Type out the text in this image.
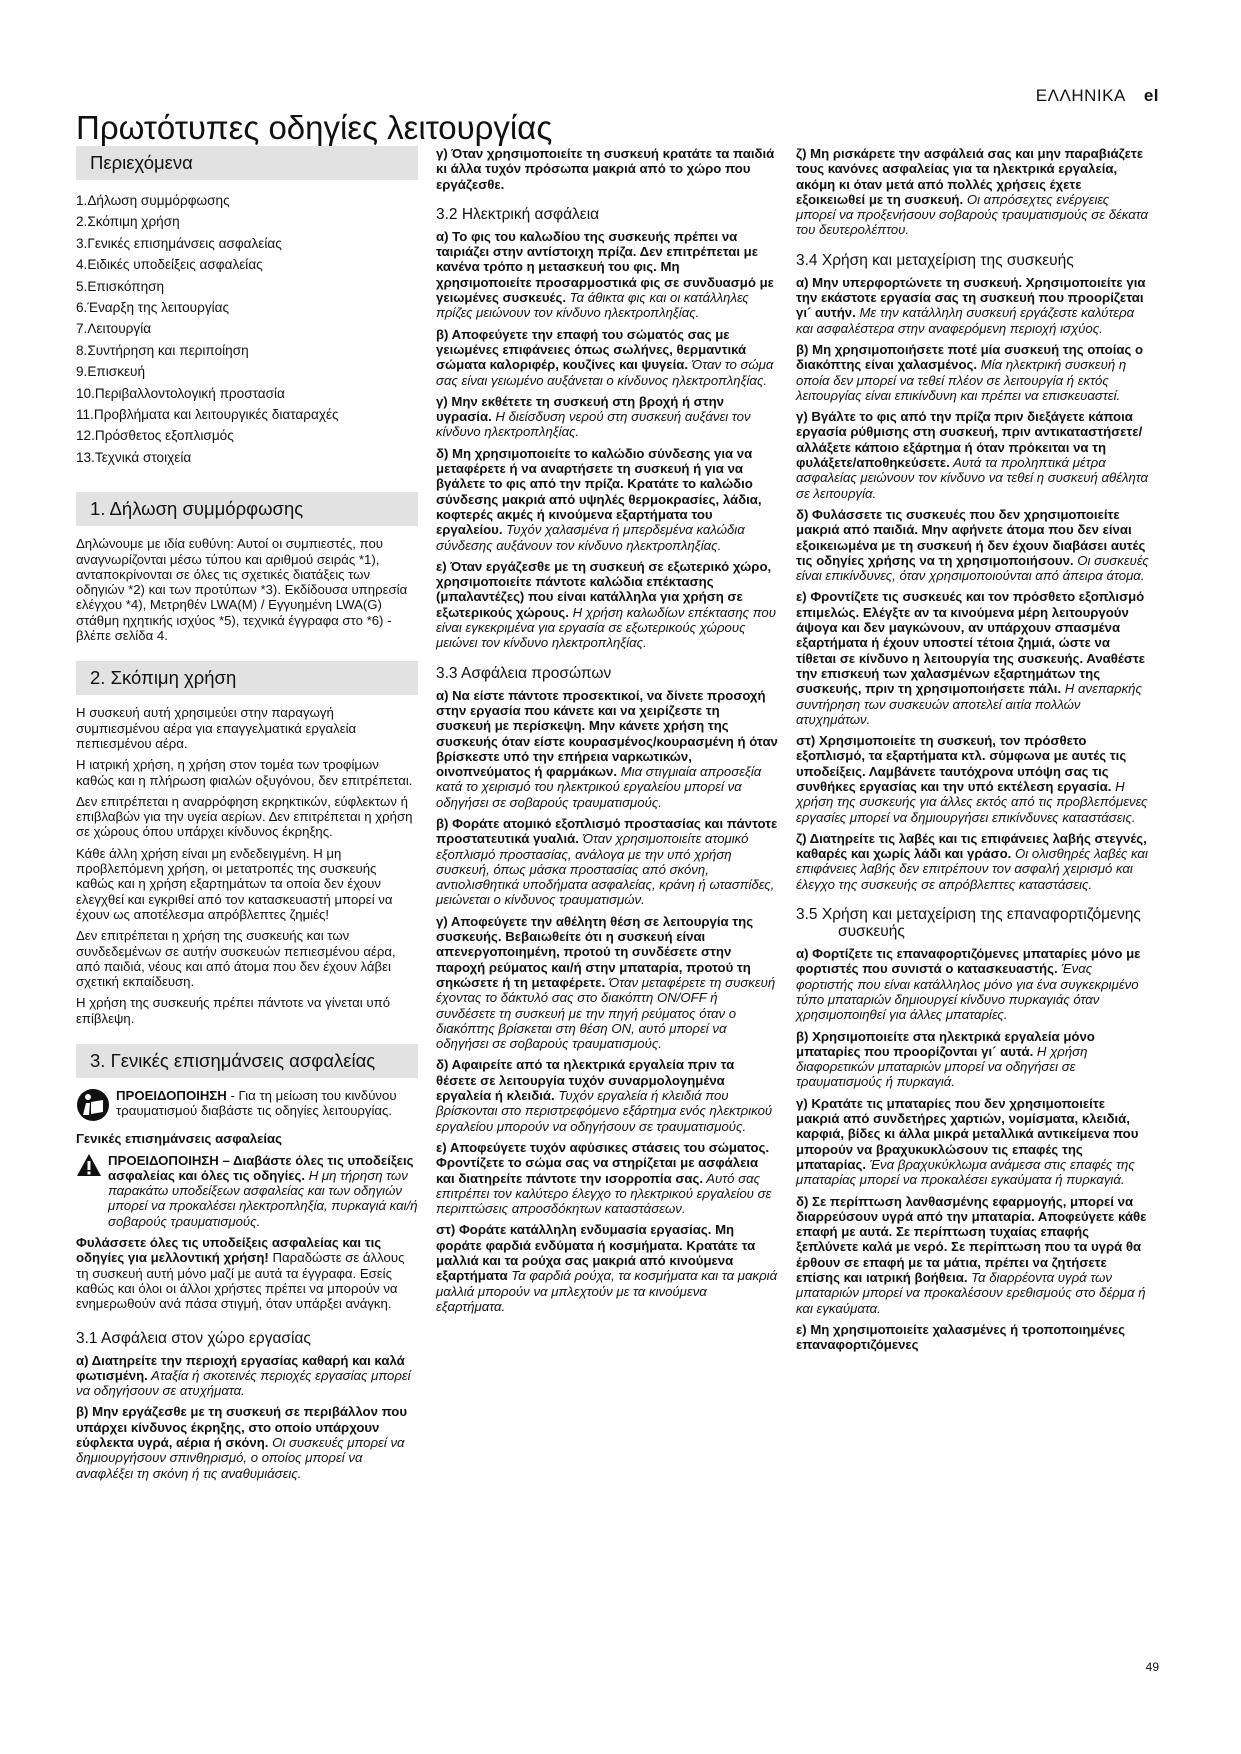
ΕΛΛΗΝΙΚΑ el
Πρωτότυπες οδηγίες λειτουργίας
Περιεχόμενα
1.Δήλωση συμμόρφωσης
2.Σκόπιμη χρήση
3.Γενικές επισημάνσεις ασφαλείας
4.Ειδικές υποδείξεις ασφαλείας
5.Επισκόπηση
6.Έναρξη της λειτουργίας
7.Λειτουργία
8.Συντήρηση και περιποίηση
9.Επισκευή
10.Περιβαλλοντολογική προστασία
11.Προβλήματα και λειτουργικές διαταραχές
12.Πρόσθετος εξοπλισμός
13.Τεχνικά στοιχεία
1. Δήλωση συμμόρφωσης

Δηλώνουμε με ιδία ευθύνη: Αυτοί οι συμπιεστές, που αναγνωρίζονται μέσω τύπου και αριθμού σειράς *1), ανταποκρίνονται σε όλες τις σχετικές διατάξεις των οδηγιών *2) και των προτύπων *3). Εκδίδουσα υπηρεσία ελέγχου *4), Μετρηθέν LWA(M) / Εγγυημένη LWA(G) στάθμη ηχητικής ισχύος *5), τεχνικά έγγραφα στο *6) - βλέπε σελίδα 4.

2. Σκόπιμη χρήση

Η συσκευή αυτή χρησιμεύει στην παραγωγή συμπιεσμένου αέρα για επαγγελματικά εργαλεία πεπιεσμένου αέρα.

Η ιατρική χρήση, η χρήση στον τομέα των τροφίμων καθώς και η πλήρωση φιαλών οξυγόνου, δεν επιτρέπεται.

Δεν επιτρέπεται η αναρρόφηση εκρηκτικών, εύφλεκτων ή επιβλαβών για την υγεία αερίων. Δεν επιτρέπεται η χρήση σε χώρους όπου υπάρχει κίνδυνος έκρηξης.

Κάθε άλλη χρήση είναι μη ενδεδειγμένη. Η μη προβλεπόμενη χρήση, οι μετατροπές της συσκευής καθώς και η χρήση εξαρτημάτων τα οποία δεν έχουν ελεγχθεί και εγκριθεί από τον κατασκευαστή μπορεί να έχουν ως αποτέλεσμα απρόβλεπτες ζημιές!

Δεν επιτρέπεται η χρήση της συσκευής και των συνδεδεμένων σε αυτήν συσκευών πεπιεσμένου αέρα, από παιδιά, νέους και από άτομα που δεν έχουν λάβει σχετική εκπαίδευση.

Η χρήση της συσκευής πρέπει πάντοτε να γίνεται υπό επίβλεψη.

3. Γενικές επισημάνσεις ασφαλείας
ΠΡΟΕΙΔΟΠΟΙΗΣΗ - Για τη μείωση του κινδύνου τραυματισμού διαβάστε τις οδηγίες λειτουργίας.

Γενικές επισημάνσεις ασφαλείας

ΠΡΟΕΙΔΟΠΟΙΗΣΗ – Διαβάστε όλες τις υποδείξεις ασφαλείας και όλες τις οδηγίες. Η μη τήρηση των παρακάτω υποδείξεων ασφαλείας και των οδηγιών μπορεί να προκαλέσει ηλεκτροπληξία, πυρκαγιά και/ή σοβαρούς τραυματισμούς.

Φυλάσσετε όλες τις υποδείξεις ασφαλείας και τις οδηγίες για μελλοντική χρήση! Παραδώστε σε άλλους τη συσκευή αυτή μόνο μαζί με αυτά τα έγγραφα. Εσείς καθώς και όλοι οι άλλοι χρήστες πρέπει να μπορούν να ενημερωθούν ανά πάσα στιγμή, όταν υπάρξει ανάγκη.

3.1 Ασφάλεια στον χώρο εργασίας

α) Διατηρείτε την περιοχή εργασίας καθαρή και καλά φωτισμένη. Αταξία ή σκοτεινές περιοχές εργασίας μπορεί να οδηγήσουν σε ατυχήματα.

β) Μην εργάζεσθε με τη συσκευή σε περιβάλλον που υπάρχει κίνδυνος έκρηξης, στο οποίο υπάρχουν εύφλεκτα υγρά, αέρια ή σκόνη. Οι συσκευές μπορεί να δημιουργήσουν σπινθηρισμό, ο οποίος μπορεί να αναφλέξει τη σκόνη ή τις αναθυμιάσεις.

γ) Όταν χρησιμοποιείτε τη συσκευή κρατάτε τα παιδιά κι άλλα τυχόν πρόσωπα μακριά από το χώρο που εργάζεσθε.

3.2 Ηλεκτρική ασφάλεια

α) Το φις του καλωδίου της συσκευής πρέπει να ταιριάζει στην αντίστοιχη πρίζα. Δεν επιτρέπεται με κανένα τρόπο η μετασκευή του φις. Μη χρησιμοποιείτε προσαρμοστικά φις σε συνδυασμό με γειωμένες συσκευές. Τα άθικτα φις και οι κατάλληλες πρίζες μειώνουν τον κίνδυνο ηλεκτροπληξίας.

β) Αποφεύγετε την επαφή του σώματός σας με γειωμένες επιφάνειες όπως σωλήνες, θερμαντικά σώματα καλοριφέρ, κουζίνες και ψυγεία. Όταν το σώμα σας είναι γειωμένο αυξάνεται ο κίνδυνος ηλεκτροπληξίας.

γ) Μην εκθέτετε τη συσκευή στη βροχή ή στην υγρασία. Η διείσδυση νερού στη συσκευή αυξάνει τον κίνδυνο ηλεκτροπληξίας.

δ) Μη χρησιμοποιείτε το καλώδιο σύνδεσης για να μεταφέρετε ή να αναρτήσετε τη συσκευή ή για να βγάλετε το φις από την πρίζα. Κρατάτε το καλώδιο σύνδεσης μακριά από υψηλές θερμοκρασίες, λάδια, κοφτερές ακμές ή κινούμενα εξαρτήματα του εργαλείου. Τυχόν χαλασμένα ή μπερδεμένα καλώδια σύνδεσης αυξάνουν τον κίνδυνο ηλεκτροπληξίας.

ε) Όταν εργάζεσθε με τη συσκευή σε εξωτερικό χώρο, χρησιμοποιείτε πάντοτε καλώδια επέκτασης (μπαλαντέζες) που είναι κατάλληλα για χρήση σε εξωτερικούς χώρους. Η χρήση καλωδίων επέκτασης που είναι εγκεκριμένα για εργασία σε εξωτερικούς χώρους μειώνει τον κίνδυνο ηλεκτροπληξίας.

3.3 Ασφάλεια προσώπων

α) Να είστε πάντοτε προσεκτικοί, να δίνετε προσοχή στην εργασία που κάνετε και να χειρίζεστε τη συσκευή με περίσκεψη. Μην κάνετε χρήση της συσκευής όταν είστε κουρασμένος/κουρασμένη ή όταν βρίσκεστε υπό την επήρεια ναρκωτικών, οινοπνεύματος ή φαρμάκων. Μια στιγμιαία απροσεξία κατά το χειρισμό του ηλεκτρικού εργαλείου μπορεί να οδηγήσει σε σοβαρούς τραυματισμούς.

β) Φοράτε ατομικό εξοπλισμό προστασίας και πάντοτε προστατευτικά γυαλιά. Όταν χρησιμοποιείτε ατομικό εξοπλισμό προστασίας, ανάλογα με την υπό χρήση συσκευή, όπως μάσκα προστασίας από σκόνη, αντιολισθητικά υποδήματα ασφαλείας, κράνη ή ωτασπίδες, μειώνεται ο κίνδυνος τραυματισμών.

γ) Αποφεύγετε την αθέλητη θέση σε λειτουργία της συσκευής. Βεβαιωθείτε ότι η συσκευή είναι απενεργοποιημένη, προτού τη συνδέσετε στην παροχή ρεύματος και/ή στην μπαταρία, προτού τη σηκώσετε ή τη μεταφέρετε. Όταν μεταφέρετε τη συσκευή έχοντας το δάκτυλό σας στο διακόπτη ON/OFF ή συνδέσετε τη συσκευή με την πηγή ρεύματος όταν ο διακόπτης βρίσκεται στη θέση ON, αυτό μπορεί να οδηγήσει σε σοβαρούς τραυματισμούς.

δ) Αφαιρείτε από τα ηλεκτρικά εργαλεία πριν τα θέσετε σε λειτουργία τυχόν συναρμολογημένα εργαλεία ή κλειδιά. Τυχόν εργαλεία ή κλειδιά που βρίσκονται στο περιστρεφόμενο εξάρτημα ενός ηλεκτρικού εργαλείου μπορούν να οδηγήσουν σε τραυματισμούς.

ε) Αποφεύγετε τυχόν αφύσικες στάσεις του σώματος. Φροντίζετε το σώμα σας να στηρίζεται με ασφάλεια και διατηρείτε πάντοτε την ισορροπία σας. Αυτό σας επιτρέπει τον καλύτερο έλεγχο το ηλεκτρικού εργαλείου σε περιπτώσεις απροσδόκητων καταστάσεων.

στ) Φοράτε κατάλληλη ενδυμασία εργασίας. Μη φοράτε φαρδιά ενδύματα ή κοσμήματα. Κρατάτε τα μαλλιά και τα ρούχα σας μακριά από κινούμενα εξαρτήματα Τα φαρδιά ρούχα, τα κοσμήματα και τα μακριά μαλλιά μπορούν να μπλεχτούν με τα κινούμενα εξαρτήματα.

ζ) Μη ρισκάρετε την ασφάλειά σας και μην παραβιάζετε τους κανόνες ασφαλείας για τα ηλεκτρικά εργαλεία, ακόμη κι όταν μετά από πολλές χρήσεις έχετε εξοικειωθεί με τη συσκευή. Οι απρόσεχτες ενέργειες μπορεί να προξενήσουν σοβαρούς τραυματισμούς σε δέκατα του δευτερολέπτου.

3.4 Χρήση και μεταχείριση της συσκευής

α) Μην υπερφορτώνετε τη συσκευή. Χρησιμοποιείτε για την εκάστοτε εργασία σας τη συσκευή που προορίζεται γι´ αυτήν. Με την κατάλληλη συσκευή εργάζεστε καλύτερα και ασφαλέστερα στην αναφερόμενη περιοχή ισχύος.

β) Μη χρησιμοποιήσετε ποτέ μία συσκευή της οποίας ο διακόπτης είναι χαλασμένος. Μία ηλεκτρική συσκευή η οποία δεν μπορεί να τεθεί πλέον σε λειτουργία ή εκτός λειτουργίας είναι επικίνδυνη και πρέπει να επισκευαστεί.

γ) Βγάλτε το φις από την πρίζα πριν διεξάγετε κάποια εργασία ρύθμισης στη συσκευή, πριν αντικαταστήσετε/αλλάξετε κάποιο εξάρτημα ή όταν πρόκειται να τη φυλάξετε/αποθηκεύσετε. Αυτά τα προληπτικά μέτρα ασφαλείας μειώνουν τον κίνδυνο να τεθεί η συσκευή αθέλητα σε λειτουργία.

δ) Φυλάσσετε τις συσκευές που δεν χρησιμοποιείτε μακριά από παιδιά. Μην αφήνετε άτομα που δεν είναι εξοικειωμένα με τη συσκευή ή δεν έχουν διαβάσει αυτές τις οδηγίες χρήσης να τη χρησιμοποιήσουν. Οι συσκευές είναι επικίνδυνες, όταν χρησιμοποιούνται από άπειρα άτομα.

ε) Φροντίζετε τις συσκευές και τον πρόσθετο εξοπλισμό επιμελώς. Ελέγξτε αν τα κινούμενα μέρη λειτουργούν άψογα και δεν μαγκώνουν, αν υπάρχουν σπασμένα εξαρτήματα ή έχουν υποστεί τέτοια ζημιά, ώστε να τίθεται σε κίνδυνο η λειτουργία της συσκευής. Αναθέστε την επισκευή των χαλασμένων εξαρτημάτων της συσκευής, πριν τη χρησιμοποιήσετε πάλι. Η ανεπαρκής συντήρηση των συσκευών αποτελεί αιτία πολλών ατυχημάτων.

στ) Χρησιμοποιείτε τη συσκευή, τον πρόσθετο εξοπλισμό, τα εξαρτήματα κτλ. σύμφωνα με αυτές τις υποδείξεις. Λαμβάνετε ταυτόχρονα υπόψη σας τις συνθήκες εργασίας και την υπό εκτέλεση εργασία. Η χρήση της συσκευής για άλλες εκτός από τις προβλεπόμενες εργασίες μπορεί να δημιουργήσει επικίνδυνες καταστάσεις.

ζ) Διατηρείτε τις λαβές και τις επιφάνειες λαβής στεγνές, καθαρές και χωρίς λάδι και γράσο. Οι ολισθηρές λαβές και επιφάνειες λαβής δεν επιτρέπουν τον ασφαλή χειρισμό και έλεγχο της συσκευής σε απρόβλεπτες καταστάσεις.

3.5 Χρήση και μεταχείριση της επαναφορτιζόμενης συσκευής

α) Φορτίζετε τις επαναφορτιζόμενες μπαταρίες μόνο με φορτιστές που συνιστά ο κατασκευαστής. Ένας φορτιστής που είναι κατάλληλος μόνο για ένα συγκεκριμένο τύπο μπαταριών δημιουργεί κίνδυνο πυρκαγιάς όταν χρησιμοποιηθεί για άλλες μπαταρίες.

β) Χρησιμοποιείτε στα ηλεκτρικά εργαλεία μόνο μπαταρίες που προορίζονται γι´ αυτά. Η χρήση διαφορετικών μπαταριών μπορεί να οδηγήσει σε τραυματισμούς ή πυρκαγιά.

γ) Κρατάτε τις μπαταρίες που δεν χρησιμοποιείτε μακριά από συνδετήρες χαρτιών, νομίσματα, κλειδιά, καρφιά, βίδες κι άλλα μικρά μεταλλικά αντικείμενα που μπορούν να βραχυκυκλώσουν τις επαφές της μπαταρίας. Ένα βραχυκύκλωμα ανάμεσα στις επαφές της μπαταρίας μπορεί να προκαλέσει εγκαύματα ή πυρκαγιά.

δ) Σε περίπτωση λανθασμένης εφαρμογής, μπορεί να διαρρεύσουν υγρά από την μπαταρία. Αποφεύγετε κάθε επαφή με αυτά. Σε περίπτωση τυχαίας επαφής ξεπλύνετε καλά με νερό. Σε περίπτωση που τα υγρά θα έρθουν σε επαφή με τα μάτια, πρέπει να ζητήσετε επίσης και ιατρική βοήθεια. Τα διαρρέοντα υγρά των μπαταριών μπορεί να προκαλέσουν ερεθισμούς στο δέρμα ή και εγκαύματα.

ε) Μη χρησιμοποιείτε χαλασμένες ή τροποποιημένες επαναφορτιζόμενες

49
